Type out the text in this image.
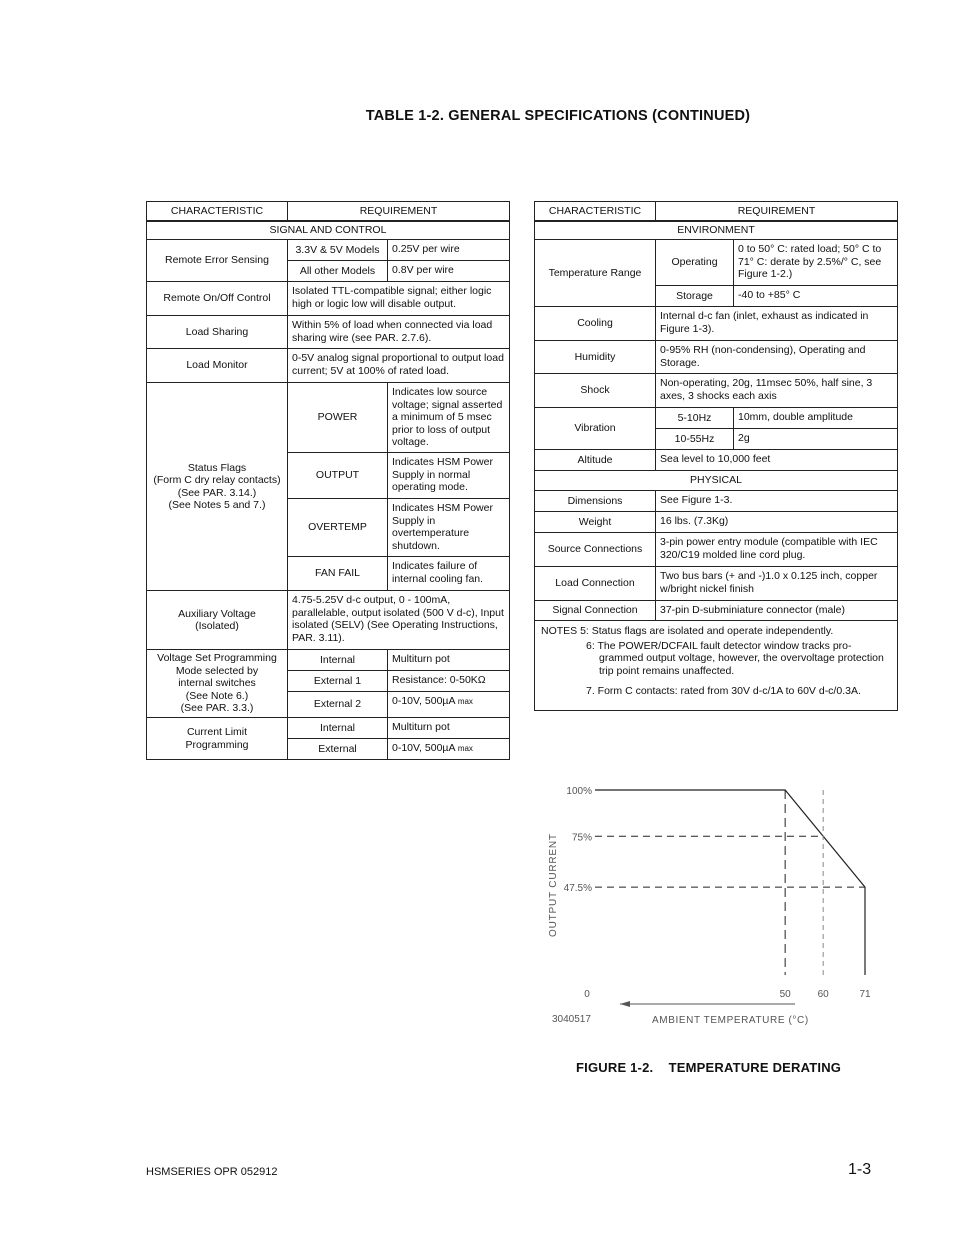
TABLE 1-2. GENERAL SPECIFICATIONS (CONTINUED)
CHARACTERISTIC	REQUIREMENT	
SIGNAL AND CONTROL		
Remote Error Sensing	3.3V & 5V Models	0.25V per wire
	All other Models	0.8V per wire
Remote On/Off Control	Isolated TTL-compatible signal; either logic high or logic low will disable output.	
Load Sharing	Within 5% of load when connected via load sharing wire (see PAR. 2.7.6).	
Load Monitor	0-5V analog signal proportional to output load current; 5V at 100% of rated load.	
Status Flags
(Form C dry relay contacts)
(See PAR. 3.14.)
(See Notes 5 and 7.)	POWER	Indicates low source voltage; signal asserted a minimum of 5 msec prior to loss of output voltage.
	OUTPUT	Indicates HSM Power Supply in normal operating mode.
	OVERTEMP	Indicates HSM Power Supply in overtemperature shutdown.
	FAN FAIL	Indicates failure of internal cooling fan.
Auxiliary Voltage
(Isolated)	4.75-5.25V d-c output, 0 - 100mA, parallelable, output isolated (500 V d-c), Input isolated (SELV) (See Operating Instructions, PAR. 3.11).	
Voltage Set Programming
Mode selected by
internal switches
(See Note 6.)
(See PAR. 3.3.)	Internal	Multiturn pot
	External 1	Resistance: 0-50KΩ
	External 2	0-10V, 500µA max
Current Limit
Programming	Internal	Multiturn pot
	External	0-10V, 500µA max
CHARACTERISTIC	REQUIREMENT	
ENVIRONMENT		
Temperature Range	Operating	0 to 50° C: rated load; 50° C to 71° C: derate by 2.5%/° C, see Figure 1-2.)
	Storage	-40 to +85° C
Cooling	Internal d-c fan (inlet, exhaust as indicated in Figure 1-3).	
Humidity	0-95% RH (non-condensing), Operating and Storage.	
Shock	Non-operating, 20g, 11msec 50%, half sine, 3 axes, 3 shocks each axis	
Vibration	5-10Hz	10mm, double amplitude
	10-55Hz	2g
Altitude	Sea level to 10,000 feet	
PHYSICAL		
Dimensions	See Figure 1-3.	
Weight	16 lbs. (7.3Kg)	
Source Connections	3-pin power entry module (compatible with IEC 320/C19 molded line cord plug.	
Load Connection	Two bus bars (+ and -)1.0 x 0.125 inch, copper w/bright nickel finish	
Signal Connection	37-pin D-subminiature connector (male)	

NOTES 5: Status flags are isolated and operate independently.
6: The POWER/DCFAIL fault detector window tracks pro-
grammed output voltage, however, the overvoltage protection
trip point remains unaffected.
7. Form C contacts: rated from 30V d-c/1A to 60V d-c/0.3A.		
100%
75%
47.5%
0	50	60	71
AMBIENT TEMPERATURE (°C)
OUTPUT CURRENT
3040517
FIGURE 1-2.    TEMPERATURE DERATING
HSMSERIES OPR 052912	1-3
